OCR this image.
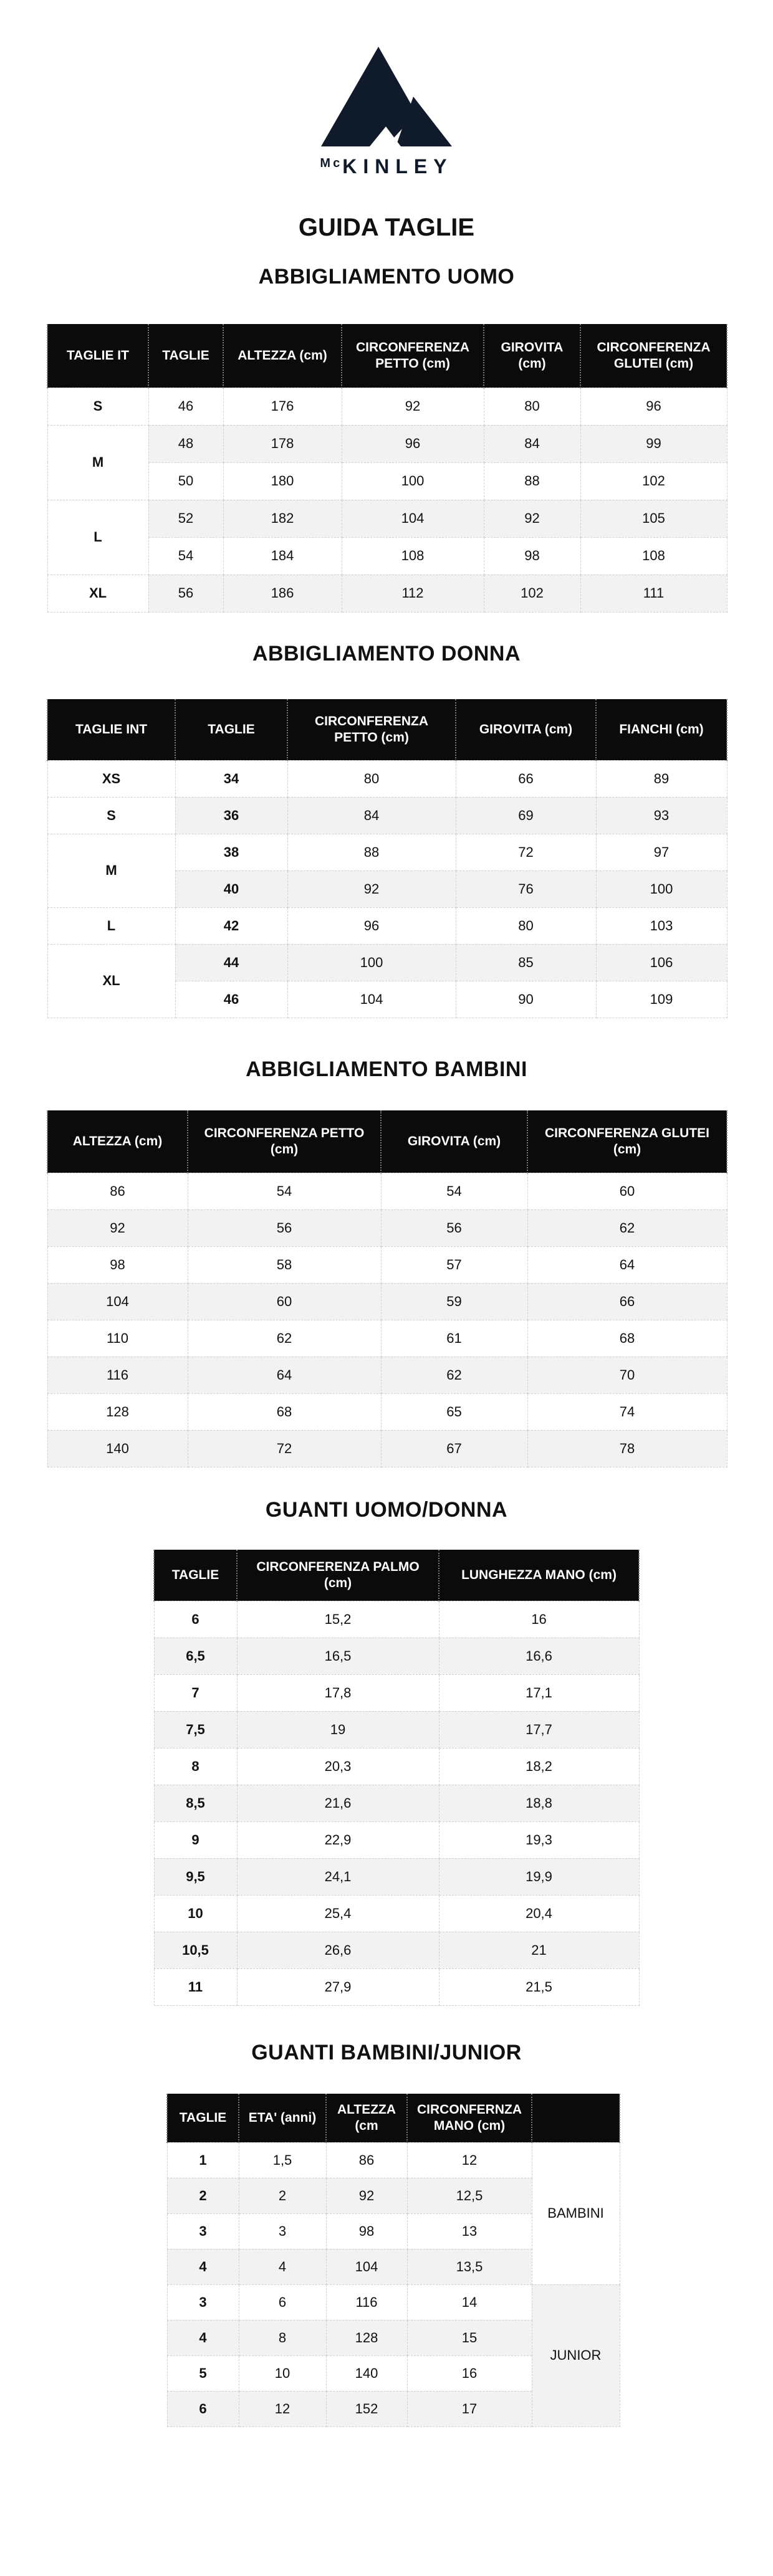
$^{Mc}$KINLEY
GUIDA TAGLIE
ABBIGLIAMENTO UOMO
TAGLIE IT	TAGLIE	ALTEZZA (cm)	CIRCONFERENZA PETTO (cm)	GIROVITA (cm)	CIRCONFERENZA GLUTEI (cm)
S	46	176	92	80	96
M	48	178	96	84	99
	50	180	100	88	102
L	52	182	104	92	105
	54	184	108	98	108
XL	56	186	112	102	111
ABBIGLIAMENTO DONNA
TAGLIE INT	TAGLIE	CIRCONFERENZA PETTO (cm)	GIROVITA (cm)	FIANCHI (cm)
XS	34	80	66	89
S	36	84	69	93
M	38	88	72	97
	40	92	76	100
L	42	96	80	103
XL	44	100	85	106
	46	104	90	109
ABBIGLIAMENTO BAMBINI
ALTEZZA (cm)	CIRCONFERENZA PETTO (cm)	GIROVITA (cm)	CIRCONFERENZA GLUTEI (cm)
86	54	54	60
92	56	56	62
98	58	57	64
104	60	59	66
110	62	61	68
116	64	62	70
128	68	65	74
140	72	67	78
GUANTI UOMO/DONNA
TAGLIE	CIRCONFERENZA PALMO (cm)	LUNGHEZZA MANO (cm)
6	15,2	16
6,5	16,5	16,6
7	17,8	17,1
7,5	19	17,7
8	20,3	18,2
8,5	21,6	18,8
9	22,9	19,3
9,5	24,1	19,9
10	25,4	20,4
10,5	26,6	21
11	27,9	21,5
GUANTI BAMBINI/JUNIOR
TAGLIE	ETA' (anni)	ALTEZZA (cm	CIRCONFERNZA MANO (cm)	
1	1,5	86	12	BAMBINI
2	2	92	12,5	
3	3	98	13	
4	4	104	13,5	
3	6	116	14	JUNIOR
4	8	128	15	
5	10	140	16	
6	12	152	17	
